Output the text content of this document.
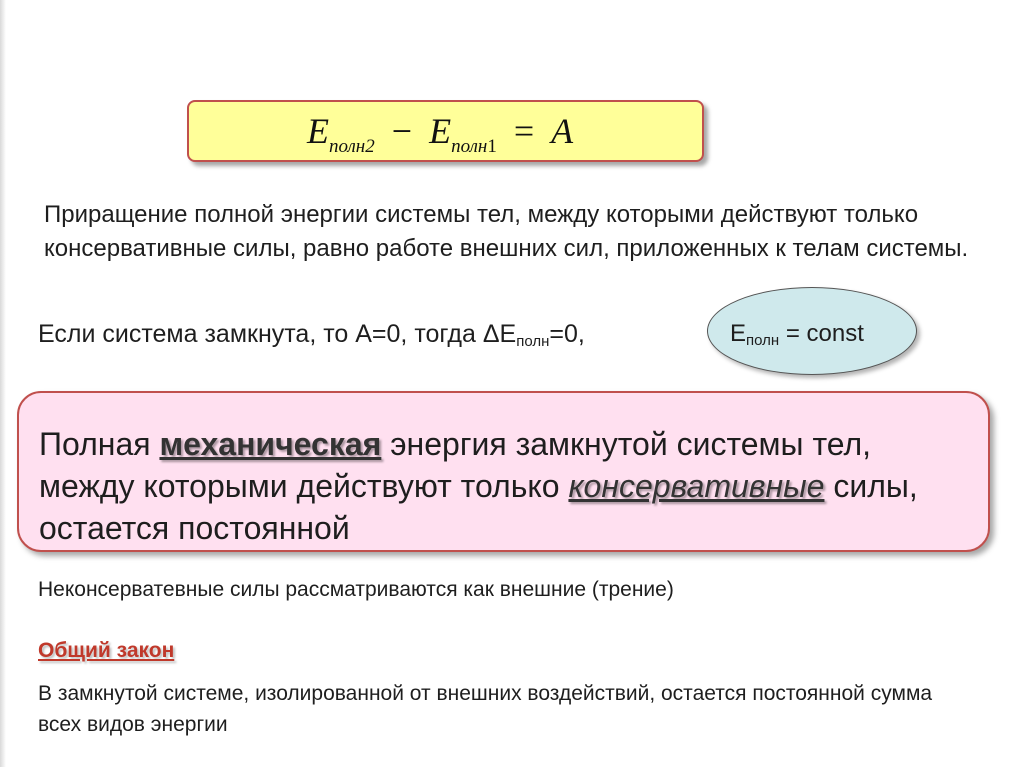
$E_{полн2} - E_{полн1} = A$
Приращение полной энергии системы тел, между которыми действуют только консервативные силы, равно работе внешних сил, приложенных к телам системы.
Если система замкнута, то А=0, тогда $\Delta Е_{полн}=0$,	$Е_{полн}$ = const
Полная механическая энергия замкнутой системы тел, между которыми действуют только консервативные силы, остается постоянной
Неконсерватевные силы рассматриваются как внешние (трение)
Общий закон
В замкнутой системе, изолированной от внешних воздействий, остается постоянной сумма всех видов энергии
